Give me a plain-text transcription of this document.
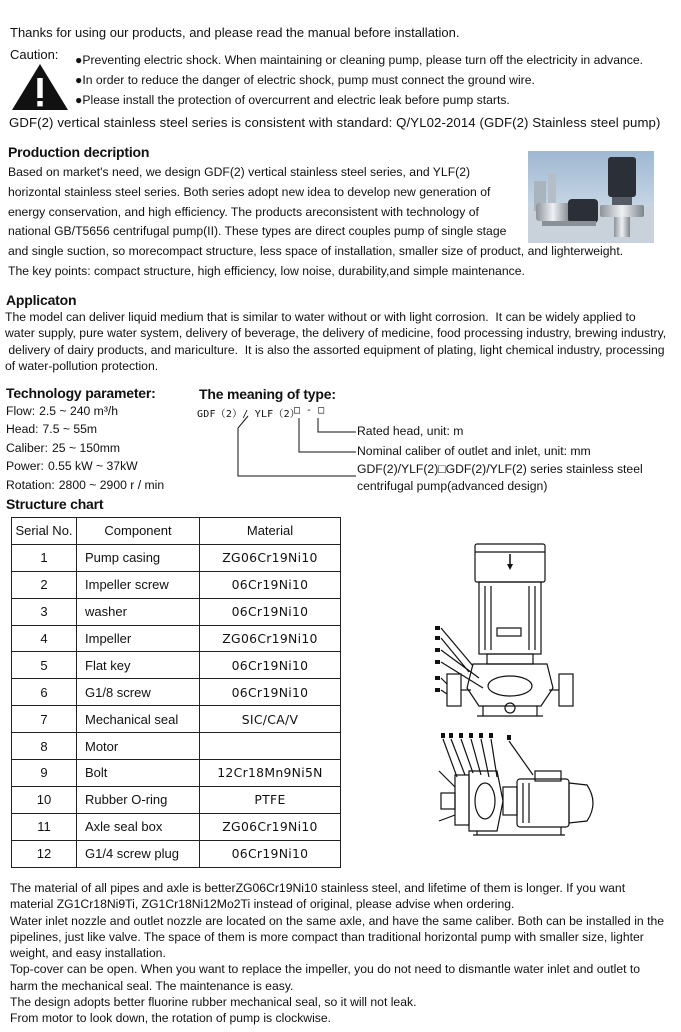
Thanks for using our products, and please read the manual before installation.
Caution: ●Preventing electric shock. When maintaining or cleaning pump, please turn off the electricity in advance.
●In order to reduce the danger of electric shock, pump must connect the ground wire.
●Please install the protection of overcurrent and electric leak before pump starts.
GDF(2) vertical stainless steel series is consistent with standard: Q/YL02-2014 (GDF(2) Stainless steel pump)
Production decription

Based on market's need, we design GDF(2) vertical stainless steel series, and YLF(2)

horizontal stainless steel series. Both series adopt new idea to develop new generation of

energy conservation, and high efficiency. The products areconsistent with technology of

national GB/T5656 centrifugal pump(II). These types are direct couples pump of single stage

and single suction, so morecompact structure, less space of installation, smaller size of product, and lighterweight.

The key points: compact structure, high efficiency, low noise, durability,and simple maintenance.

Applicaton

The model can deliver liquid medium that is similar to water without or with light corrosion.  It can be widely applied to

water supply, pure water system, delivery of beverage, the delivery of medicine, food processing industry, brewing industry,

delivery of dairy products, and mariculture.  It is also the assorted equipment of plating, light chemical industry, processing

of water-pollution protection.

Technology parameter:
Flow: 2.5 ~ 240 m³/h
Head: 7.5 ~ 55m
Caliber: 25 ~ 150mm
Power: 0.55 kW ~ 37kW
Rotation: 2800 ~ 2900 r / min
The meaning of type:
GDF（2）/ YLF（2）
□ - □
Rated head, unit: m
Nominal caliber of outlet and inlet, unit: mm
GDF(2)/YLF(2)□GDF(2)/YLF(2) series stainless steel
centrifugal pump(advanced design)
Structure chart
Serial No.	Component	Material
1	Pump casing	ZG06Cr19Ni10
2	Impeller screw	06Cr19Ni10
3	washer	06Cr19Ni10
4	Impeller	ZG06Cr19Ni10
5	Flat key	06Cr19Ni10
6	G1/8 screw	06Cr19Ni10
7	Mechanical seal	SIC/CA/V
8	Motor	
9	Bolt	12Cr18Mn9Ni5N
10	Rubber O-ring	PTFE
11	Axle seal box	ZG06Cr19Ni10
12	G1/4 screw plug	06Cr19Ni10

The material of all pipes and axle is betterZG06Cr19Ni10 stainless steel, and lifetime of them is longer. If you want

material ZG1Cr18Ni9Ti, ZG1Cr18Ni12Mo2Ti instead of original, please advise when ordering.

Water inlet nozzle and outlet nozzle are located on the same axle, and have the same caliber. Both can be installed in the

pipelines, just like valve. The space of them is more compact than traditional horizontal pump with smaller size, lighter

weight, and easy installation.

Top-cover can be open. When you want to replace the impeller, you do not need to dismantle water inlet and outlet to

harm the mechanical seal. The maintenance is easy.

The design adopts better fluorine rubber mechanical seal, so it will not leak.

From motor to look down, the rotation of pump is clockwise.
